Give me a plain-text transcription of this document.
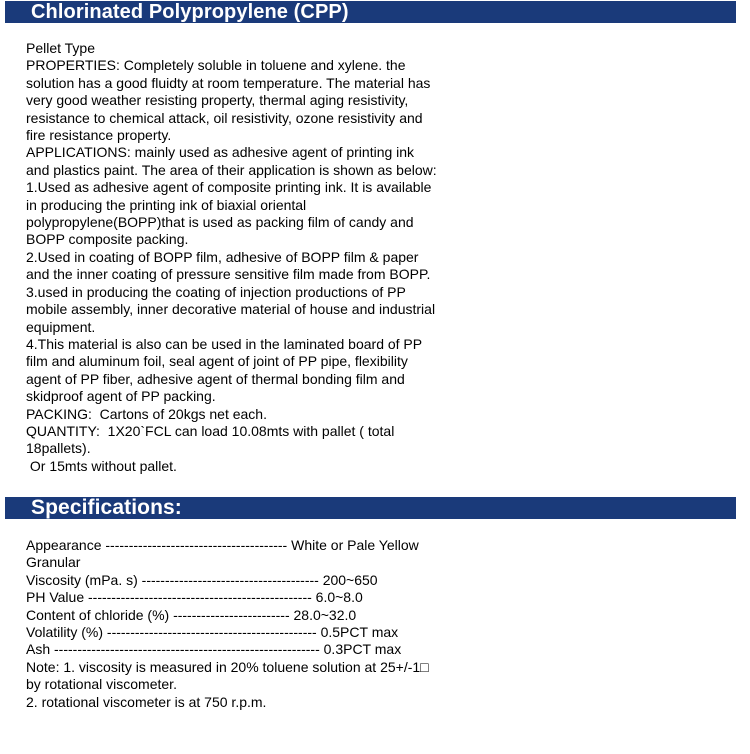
Chlorinated Polypropylene (CPP)
Pellet Type
PROPERTIES: Completely soluble in toluene and xylene. the
solution has a good fluidty at room temperature. The material has
very good weather resisting property, thermal aging resistivity,
resistance to chemical attack, oil resistivity, ozone resistivity and
fire resistance property.
APPLICATIONS: mainly used as adhesive agent of printing ink
and plastics paint. The area of their application is shown as below:
1.Used as adhesive agent of composite printing ink. It is available
in producing the printing ink of biaxial oriental
polypropylene(BOPP)that is used as packing film of candy and
BOPP composite packing.
2.Used in coating of BOPP film, adhesive of BOPP film & paper
and the inner coating of pressure sensitive film made from BOPP.
3.used in producing the coating of injection productions of PP
mobile assembly, inner decorative material of house and industrial
equipment.
4.This material is also can be used in the laminated board of PP
film and aluminum foil, seal agent of joint of PP pipe, flexibility
agent of PP fiber, adhesive agent of thermal bonding film and
skidproof agent of PP packing.
PACKING:  Cartons of 20kgs net each.
QUANTITY:  1X20`FCL can load 10.08mts with pallet ( total
18pallets).
Or 15mts without pallet.
Specifications:
Appearance --------------------------------------- White or Pale Yellow
Granular
Viscosity (mPa. s) -------------------------------------- 200~650
PH Value ------------------------------------------------ 6.0~8.0
Content of chloride (%) ------------------------- 28.0~32.0
Volatility (%) --------------------------------------------- 0.5PCT max
Ash --------------------------------------------------------- 0.3PCT max
Note: 1. viscosity is measured in 20% toluene solution at 25+/-1□
by rotational viscometer.
2. rotational viscometer is at 750 r.p.m.
